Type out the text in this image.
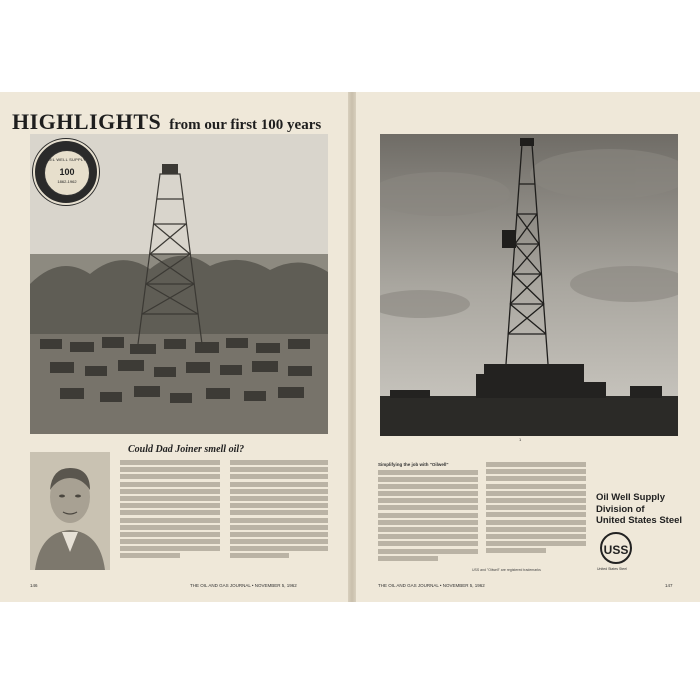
HIGHLIGHTS from our first 100 years
OIL WELL SUPPLY
100
1862-1962
Could Dad Joiner smell oil?
146	THE OIL AND GAS JOURNAL • NOVEMBER 5, 1962
1
Simplifying the job with "Oilwell"
USS and "Oilwell" are registered trademarks

Oil Well Supply
Division of
United States Steel

USS
United States Steel
THE OIL AND GAS JOURNAL • NOVEMBER 5, 1962	147
